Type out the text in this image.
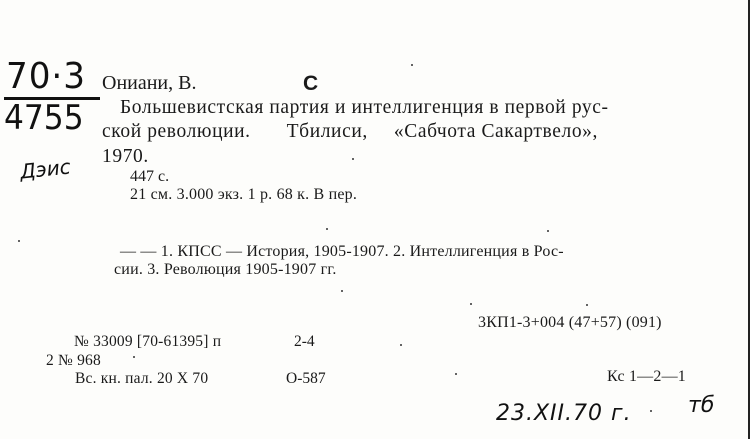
70·3
4755
Дэис
Ониани, В.	С
Большевистская партия и интеллигенция в первой рус-
ской революции. Тбилиси, «Сабчота Сакартвело»,
1970.
447 с.
21 см. 3.000 экз. 1 р. 68 к. В пер.
— — 1. КПСС — История, 1905-1907. 2. Интеллигенция в Рос-
сии. 3. Революция 1905-1907 гг.
3КП1-3+004 (47+57) (091)
№ 33009 [70-61395] п	2-4
2 № 968
Вс. кн. пал. 20 Х 70	О-587	Кс 1—2—1
23.XII.70 г.	тб
